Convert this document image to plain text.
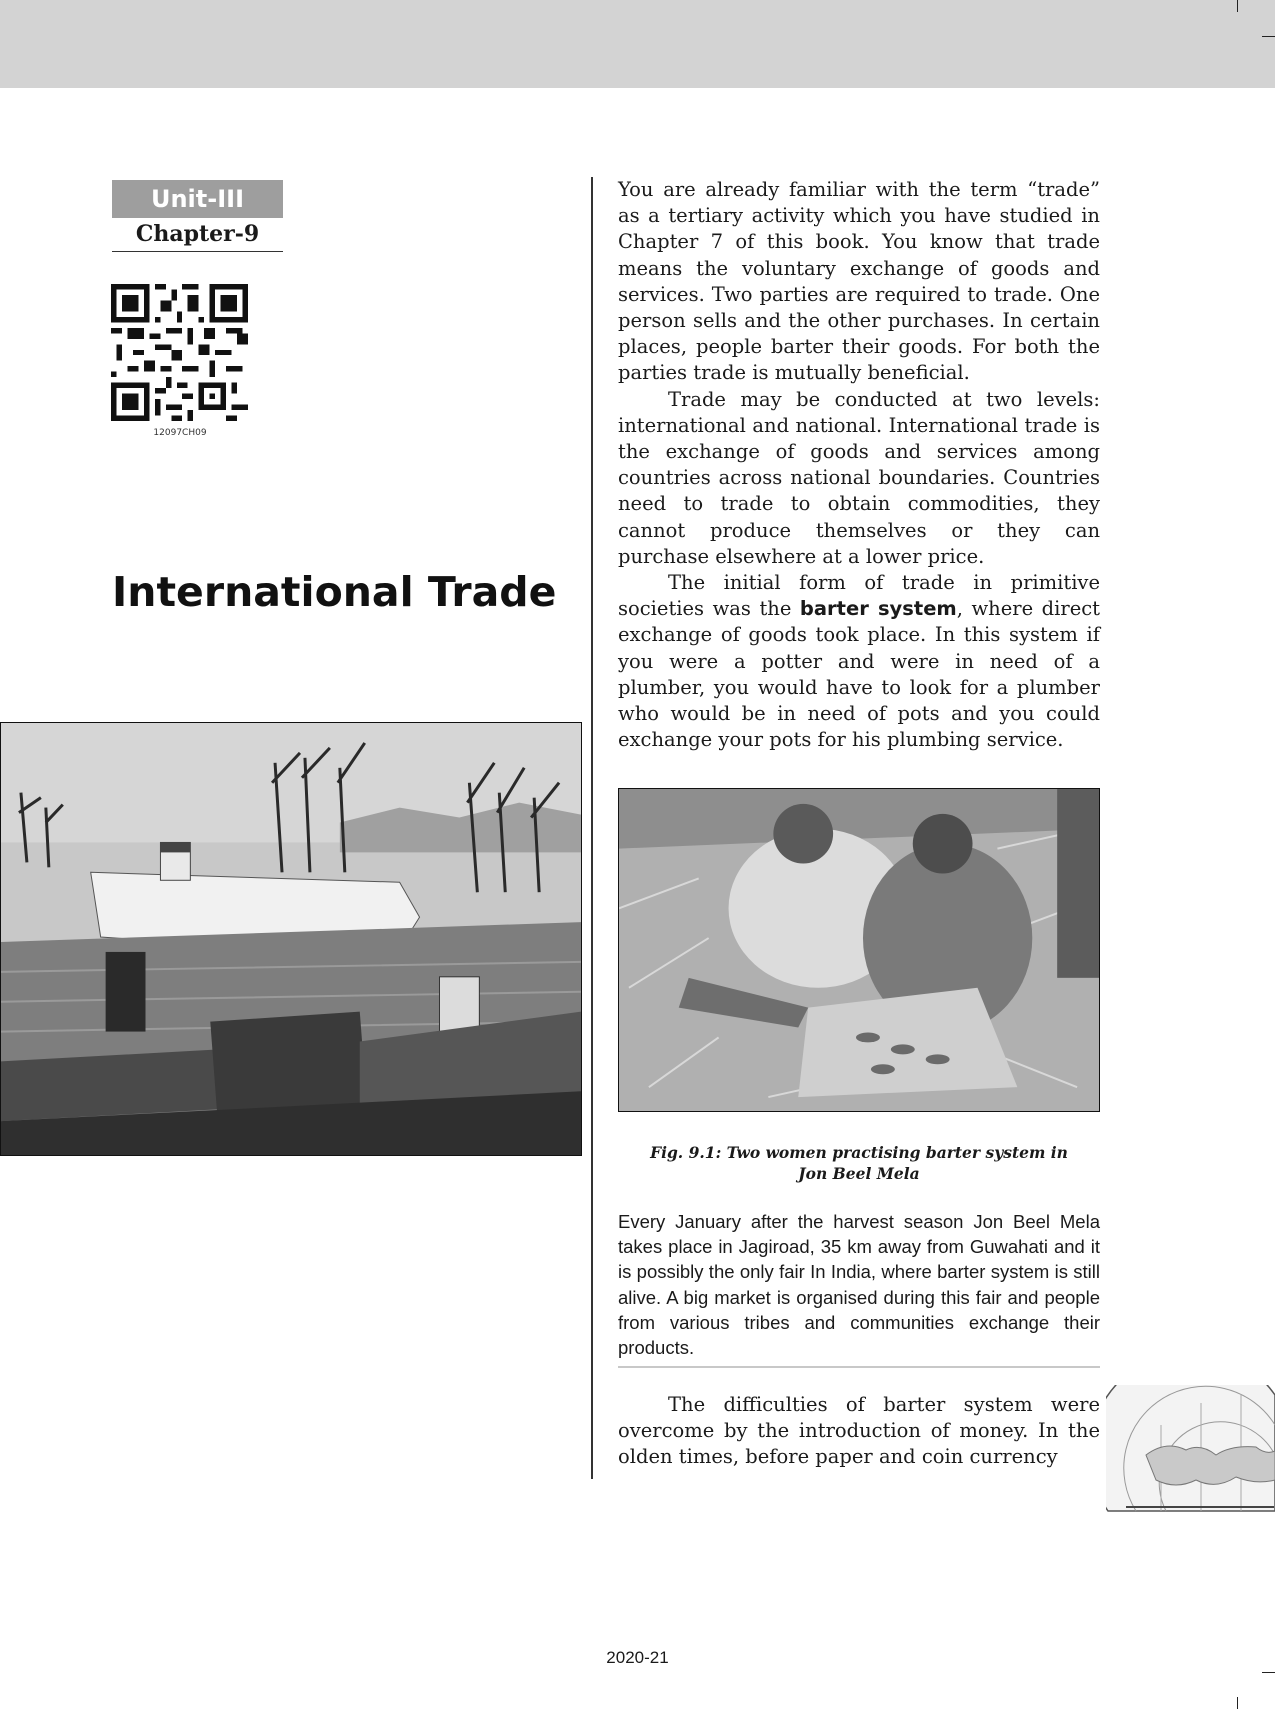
Unit-III
Chapter-9
12097CH09
International Trade

You are already familiar with the term “trade” as a tertiary activity which you have studied in Chapter 7 of this book. You know that trade means the voluntary exchange of goods and services. Two parties are required to trade. One person sells and the other purchases. In certain places, people barter their goods. For both the parties trade is mutually beneficial.

Trade may be conducted at two levels: international and national. International trade is the exchange of goods and services among countries across national boundaries. Countries need to trade to obtain commodities, they cannot produce themselves or they can purchase elsewhere at a lower price.

The initial form of trade in primitive societies was the barter system, where direct exchange of goods took place. In this system if you were a potter and were in need of a plumber, you would have to look for a plumber who would be in need of pots and you could exchange your pots for his plumbing service.

Fig. 9.1: Two women practising barter system in
Jon Beel Mela
Every January after the harvest season Jon Beel Mela takes place in Jagiroad, 35 km away from Guwahati and it is possibly the only fair In India, where barter system is still alive. A big market is organised during this fair and people from various tribes and communities exchange their products.

The difficulties of barter system were overcome by the introduction of money. In the olden times, before paper and coin currency

2020-21
